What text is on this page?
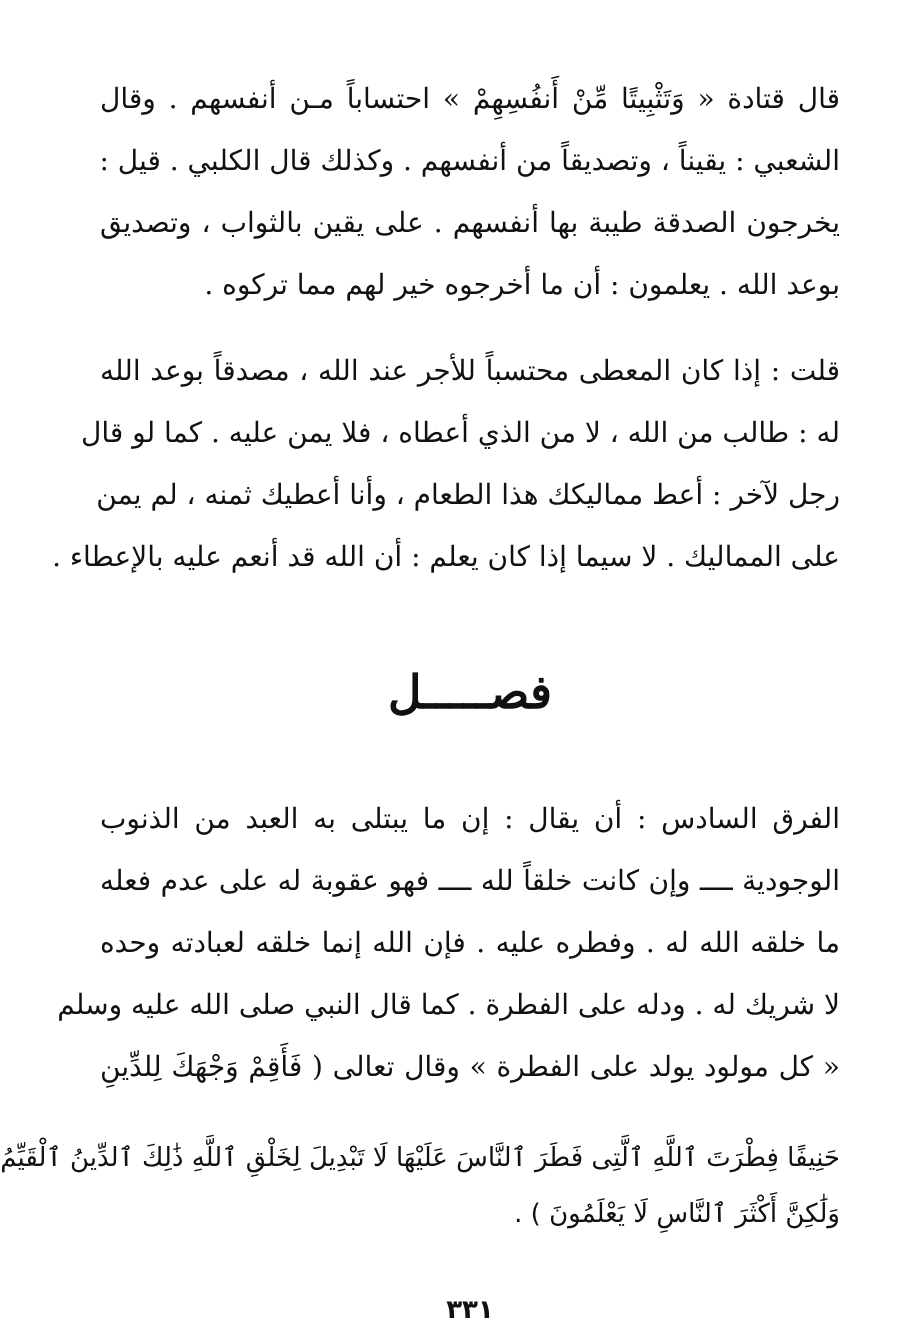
قال قتادة « وَتَثْبِيتًا مِّنْ أَنفُسِهِمْ » احتساباً مـن أنفسهم . وقال
الشعبي : يقيناً ، وتصديقاً من أنفسهم . وكذلك قال الكلبي . قيل :
يخرجون الصدقة طيبة بها أنفسهم . على يقين بالثواب ، وتصديق
بوعد الله . يعلمون : أن ما أخرجوه خير لهم مما تركوه .
قلت : إذا كان المعطى محتسباً للأجر عند الله ، مصدقاً بوعد الله
له : طالب من الله ، لا من الذي أعطاه ، فلا يمن عليه . كما لو قال
رجل لآخر : أعط مماليكك هذا الطعام ، وأنا أعطيك ثمنه ، لم يمن
على المماليك . لا سيما إذا كان يعلم : أن الله قد أنعم عليه بالإعطاء .
فصـــــل
الفرق السادس : أن يقال : إن ما يبتلى به العبد من الذنوب
الوجودية ــــ وإن كانت خلقاً لله ــــ فهو عقوبة له على عدم فعله
ما خلقه الله له . وفطره عليه . فإن الله إنما خلقه لعبادته وحده
لا شريك له . ودله على الفطرة . كما قال النبي صلى الله عليه وسلم
« كل مولود يولد على الفطرة » وقال تعالى ( فَأَقِمْ وَجْهَكَ لِلدِّينِ
حَنِيفًا فِطْرَتَ ٱللَّهِ ٱلَّتِى فَطَرَ ٱلنَّاسَ عَلَيْهَا لَا تَبْدِيلَ لِخَلْقِ ٱللَّهِ ذَٰلِكَ ٱلدِّينُ ٱلْقَيِّمُ
وَلَٰكِنَّ أَكْثَرَ ٱلنَّاسِ لَا يَعْلَمُونَ ) .
٣٣١
